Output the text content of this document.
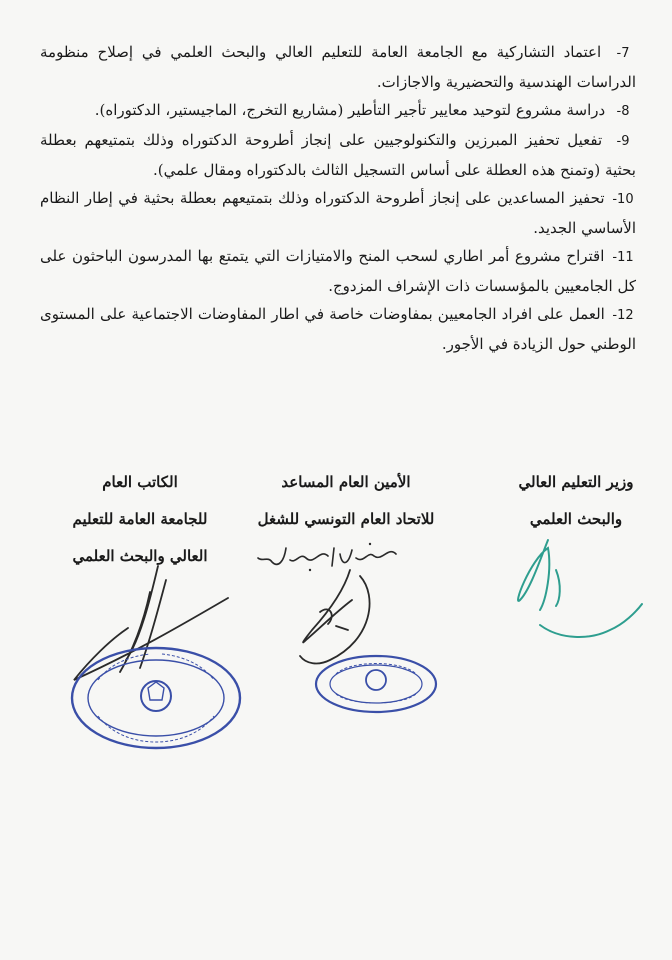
-7 اعتماد التشاركية مع الجامعة العامة للتعليم العالي والبحث العلمي في إصلاح منظومة الدراسات الهندسية والتحضيرية والاجازات.

-8 دراسة مشروع لتوحيد معايير تأجير التأطير (مشاريع التخرج، الماجيستير، الدكتوراه).

-9 تفعيل تحفيز المبرزين والتكنولوجيين على إنجاز أطروحة الدكتوراه وذلك بتمتيعهم بعطلة بحثية (وتمنح هذه العطلة على أساس التسجيل الثالث بالدكتوراه ومقال علمي).

-10 تحفيز المساعدين على إنجاز أطروحة الدكتوراه وذلك بتمتيعهم بعطلة بحثية في إطار النظام الأساسي الجديد.

-11 اقتراح مشروع أمر اطاري لسحب المنح والامتيازات التي يتمتع بها المدرسون الباحثون على كل الجامعيين بالمؤسسات ذات الإشراف المزدوج.

-12 العمل على افراد الجامعيين بمفاوضات خاصة في اطار المفاوضات الاجتماعية على المستوى الوطني حول الزيادة في الأجور.

وزير التعليم العالي
والبحث العلمي
الأمين العام المساعد
للاتحاد العام التونسي للشغل
الكاتب العام
للجامعة العامة للتعليم
العالي والبحث العلمي
